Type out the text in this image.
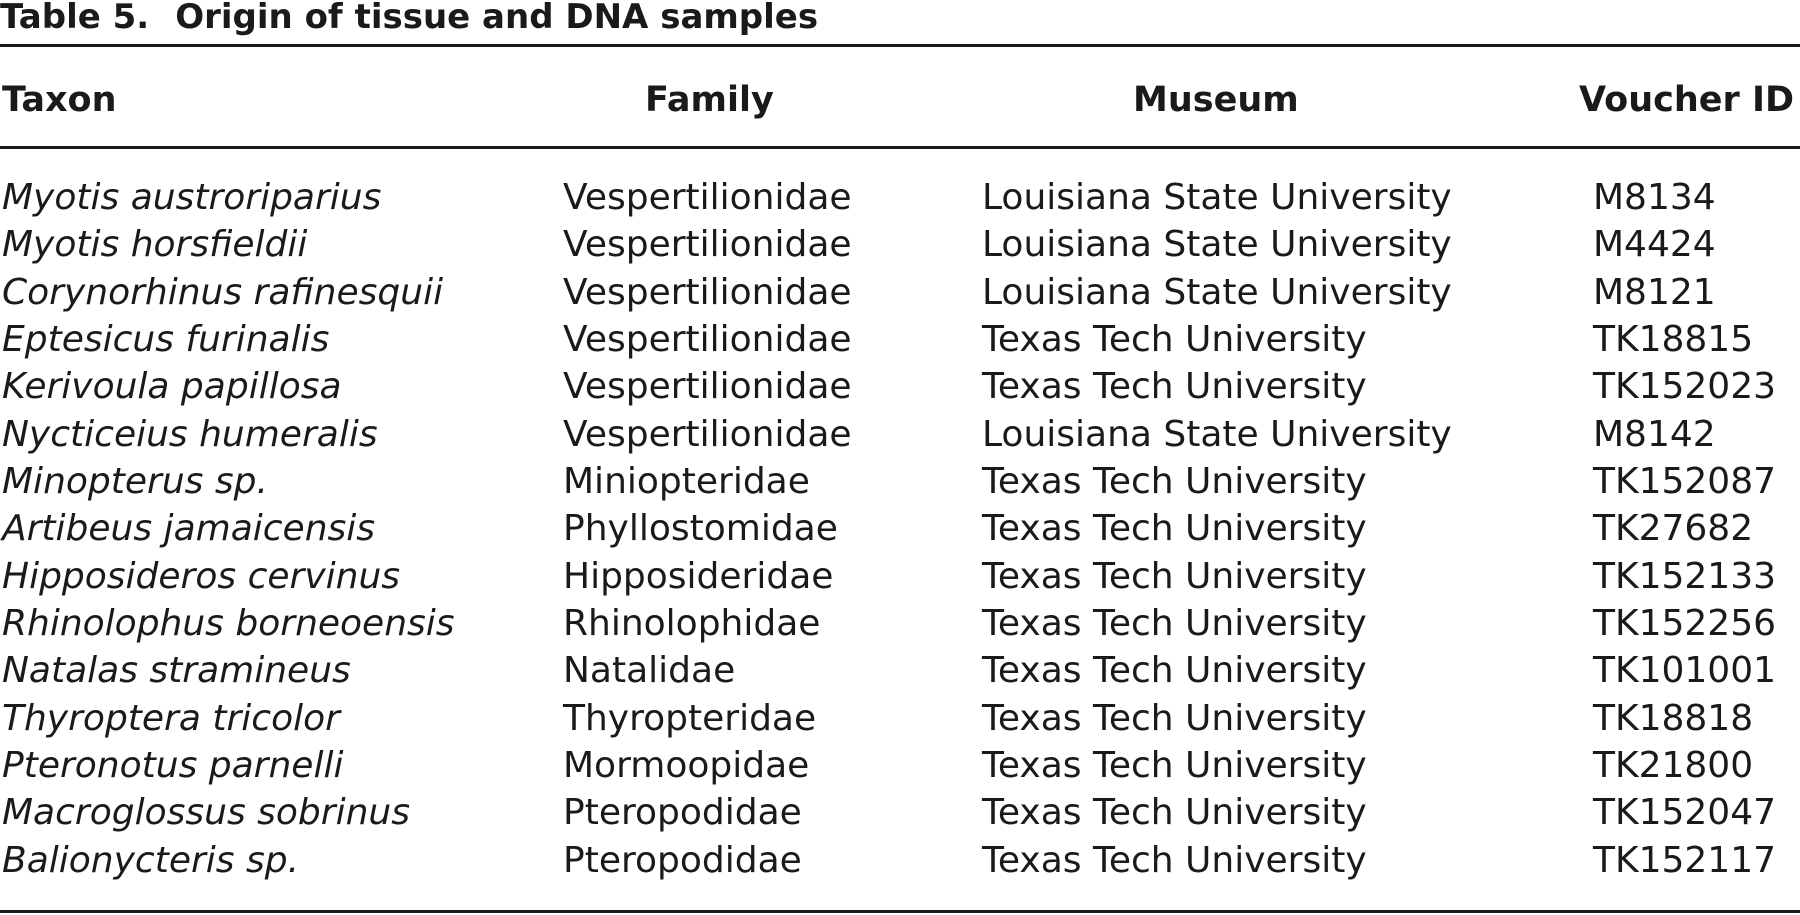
Table 5. Origin of tissue and DNA samples
Taxon	Family	Museum	Voucher ID
Myotis austroriparius	Vespertilionidae	Louisiana State University	M8134
Myotis horsfieldii	Vespertilionidae	Louisiana State University	M4424
Corynorhinus rafinesquii	Vespertilionidae	Louisiana State University	M8121
Eptesicus furinalis	Vespertilionidae	Texas Tech University	TK18815
Kerivoula papillosa	Vespertilionidae	Texas Tech University	TK152023
Nycticeius humeralis	Vespertilionidae	Louisiana State University	M8142
Minopterus sp.	Miniopteridae	Texas Tech University	TK152087
Artibeus jamaicensis	Phyllostomidae	Texas Tech University	TK27682
Hipposideros cervinus	Hipposideridae	Texas Tech University	TK152133
Rhinolophus borneoensis	Rhinolophidae	Texas Tech University	TK152256
Natalas stramineus	Natalidae	Texas Tech University	TK101001
Thyroptera tricolor	Thyropteridae	Texas Tech University	TK18818
Pteronotus parnelli	Mormoopidae	Texas Tech University	TK21800
Macroglossus sobrinus	Pteropodidae	Texas Tech University	TK152047
Balionycteris sp.	Pteropodidae	Texas Tech University	TK152117
